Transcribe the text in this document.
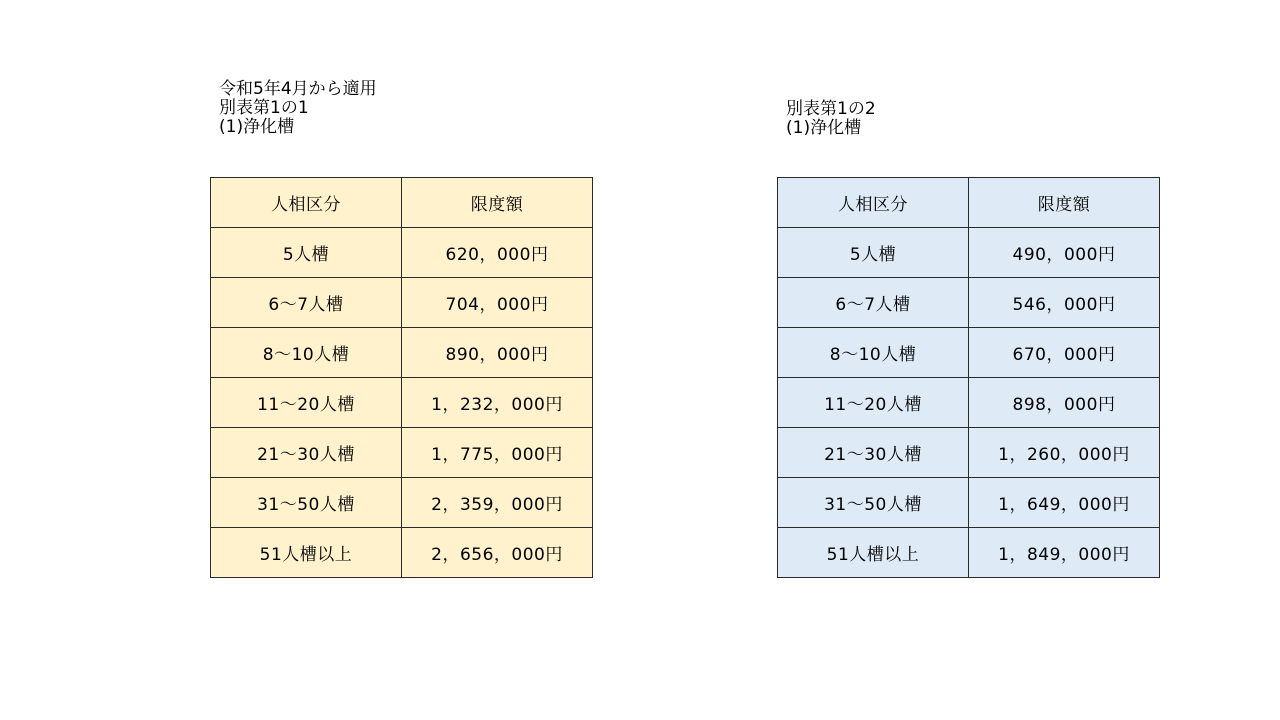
令和5年4月から適用
別表第1の1
(1)浄化槽
別表第1の2
(1)浄化槽
人相区分	限度額
5人槽	620，000円
6～7人槽	704，000円
8～10人槽	890，000円
11～20人槽	1，232，000円
21～30人槽	1，775，000円
31～50人槽	2，359，000円
51人槽以上	2，656，000円
人相区分	限度額
5人槽	490，000円
6～7人槽	546，000円
8～10人槽	670，000円
11～20人槽	898，000円
21～30人槽	1，260，000円
31～50人槽	1，649，000円
51人槽以上	1，849，000円
